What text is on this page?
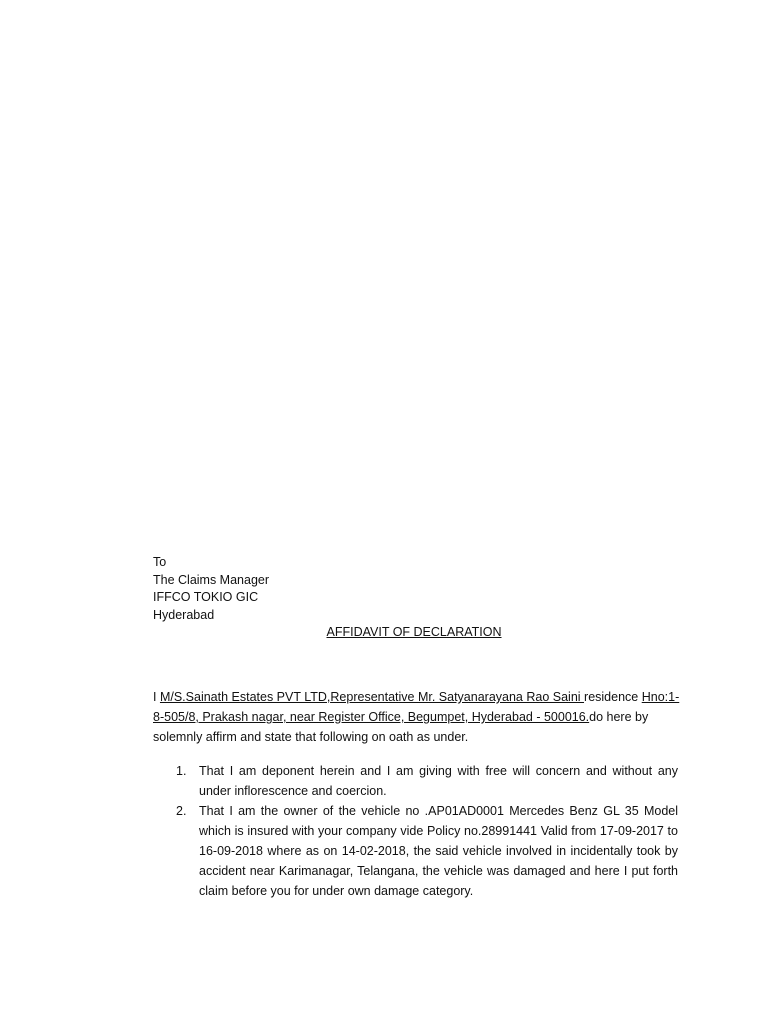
To
The Claims Manager
IFFCO TOKIO GIC
Hyderabad
AFFIDAVIT OF DECLARATION
I M/S.Sainath Estates PVT LTD,Representative Mr. Satyanarayana Rao Saini residence Hno:1-8-505/8, Prakash nagar, near Register Office, Begumpet, Hyderabad - 500016.do here by solemnly affirm and state that following on oath as under.
1. That I am deponent herein and I am giving with free will concern and without any under inflorescence and coercion.
2. That I am the owner of the vehicle no .AP01AD0001 Mercedes Benz GL 35 Model which is insured with your company vide Policy no.28991441 Valid from 17-09-2017 to 16-09-2018 where as on 14-02-2018, the said vehicle involved in incidentally took by accident near Karimanagar, Telangana, the vehicle was damaged and here I put forth claim before you for under own damage category.
